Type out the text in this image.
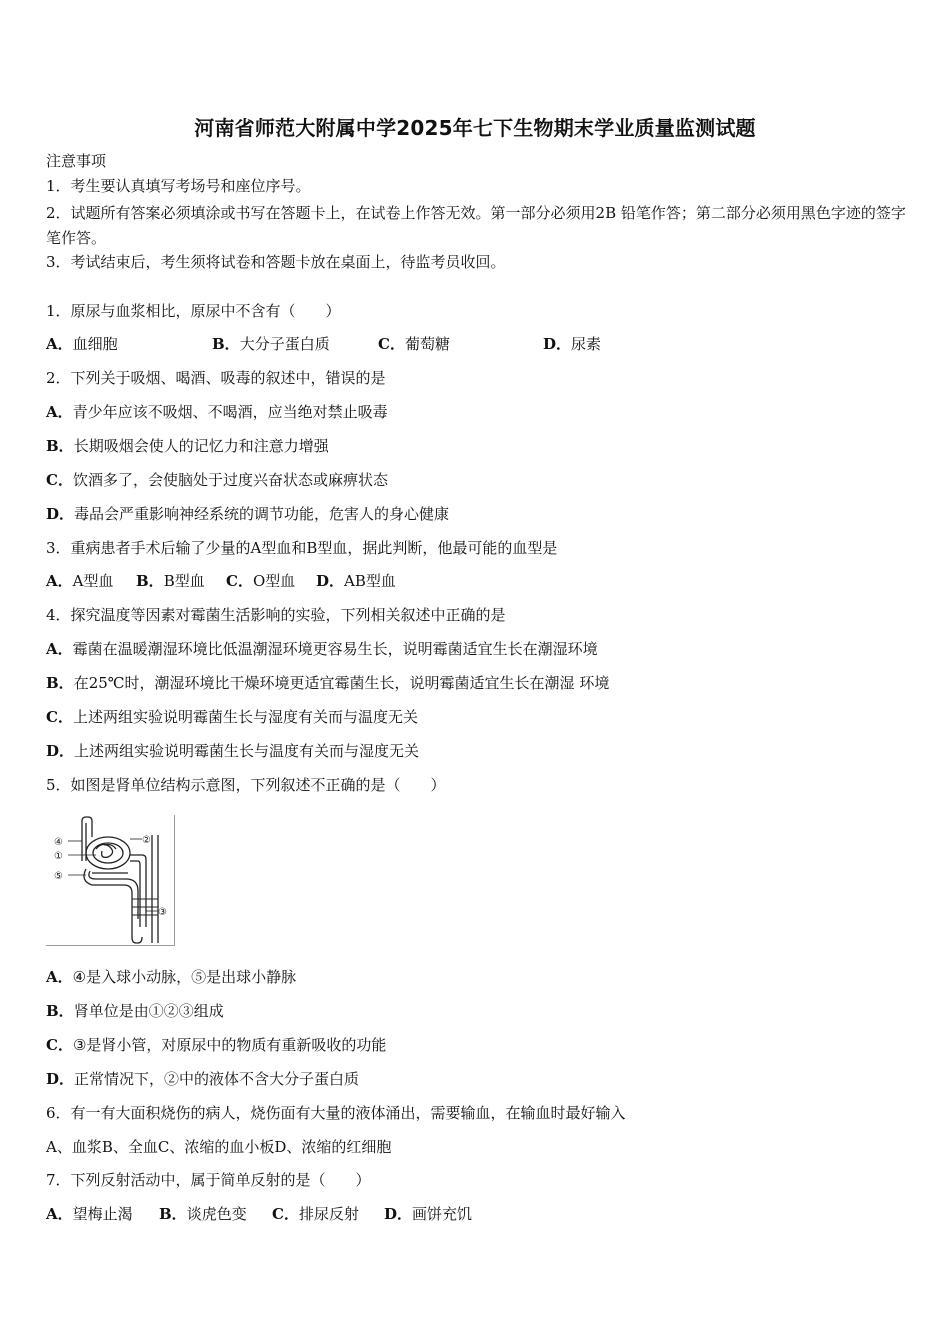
河南省师范大附属中学2025年七下生物期末学业质量监测试题
注意事项
1．考生要认真填写考场号和座位序号。
2．试题所有答案必须填涂或书写在答题卡上，在试卷上作答无效。第一部分必须用2B 铅笔作答；第二部分必须用黑色字迹的签字笔作答。
3．考试结束后，考生须将试卷和答题卡放在桌面上，待监考员收回。
1．原尿与血浆相比，原尿中不含有（　　）
A．血细胞	B．大分子蛋白质	C．葡萄糖	D．尿素
2．下列关于吸烟、喝酒、吸毒的叙述中，错误的是
A．青少年应该不吸烟、不喝酒，应当绝对禁止吸毒
B．长期吸烟会使人的记忆力和注意力增强
C．饮酒多了，会使脑处于过度兴奋状态或麻痹状态
D．毒品会严重影响神经系统的调节功能，危害人的身心健康
3．重病患者手术后输了少量的A型血和B型血，据此判断，他最可能的血型是
A．A型血 B．B型血 C．O型血 D．AB型血
4．探究温度等因素对霉菌生活影响的实验，下列相关叙述中正确的是
A．霉菌在温暖潮湿环境比低温潮湿环境更容易生长，说明霉菌适宜生长在潮湿环境
B．在25℃时，潮湿环境比干燥环境更适宜霉菌生长，说明霉菌适宜生长在潮湿 环境
C．上述两组实验说明霉菌生长与湿度有关而与温度无关
D．上述两组实验说明霉菌生长与温度有关而与湿度无关
5．如图是肾单位结构示意图，下列叙述不正确的是（　　）
④	②
①
⑤
③
A．④是入球小动脉，⑤是出球小静脉
B．肾单位是由①②③组成
C．③是肾小管，对原尿中的物质有重新吸收的功能
D．正常情况下，②中的液体不含大分子蛋白质
6．有一有大面积烧伤的病人，烧伤面有大量的液体涌出，需要输血，在输血时最好输入
A、血浆B、全血C、浓缩的血小板D、浓缩的红细胞
7．下列反射活动中，属于简单反射的是（　　）
A．望梅止渴 B．谈虎色变 C．排尿反射 D．画饼充饥
